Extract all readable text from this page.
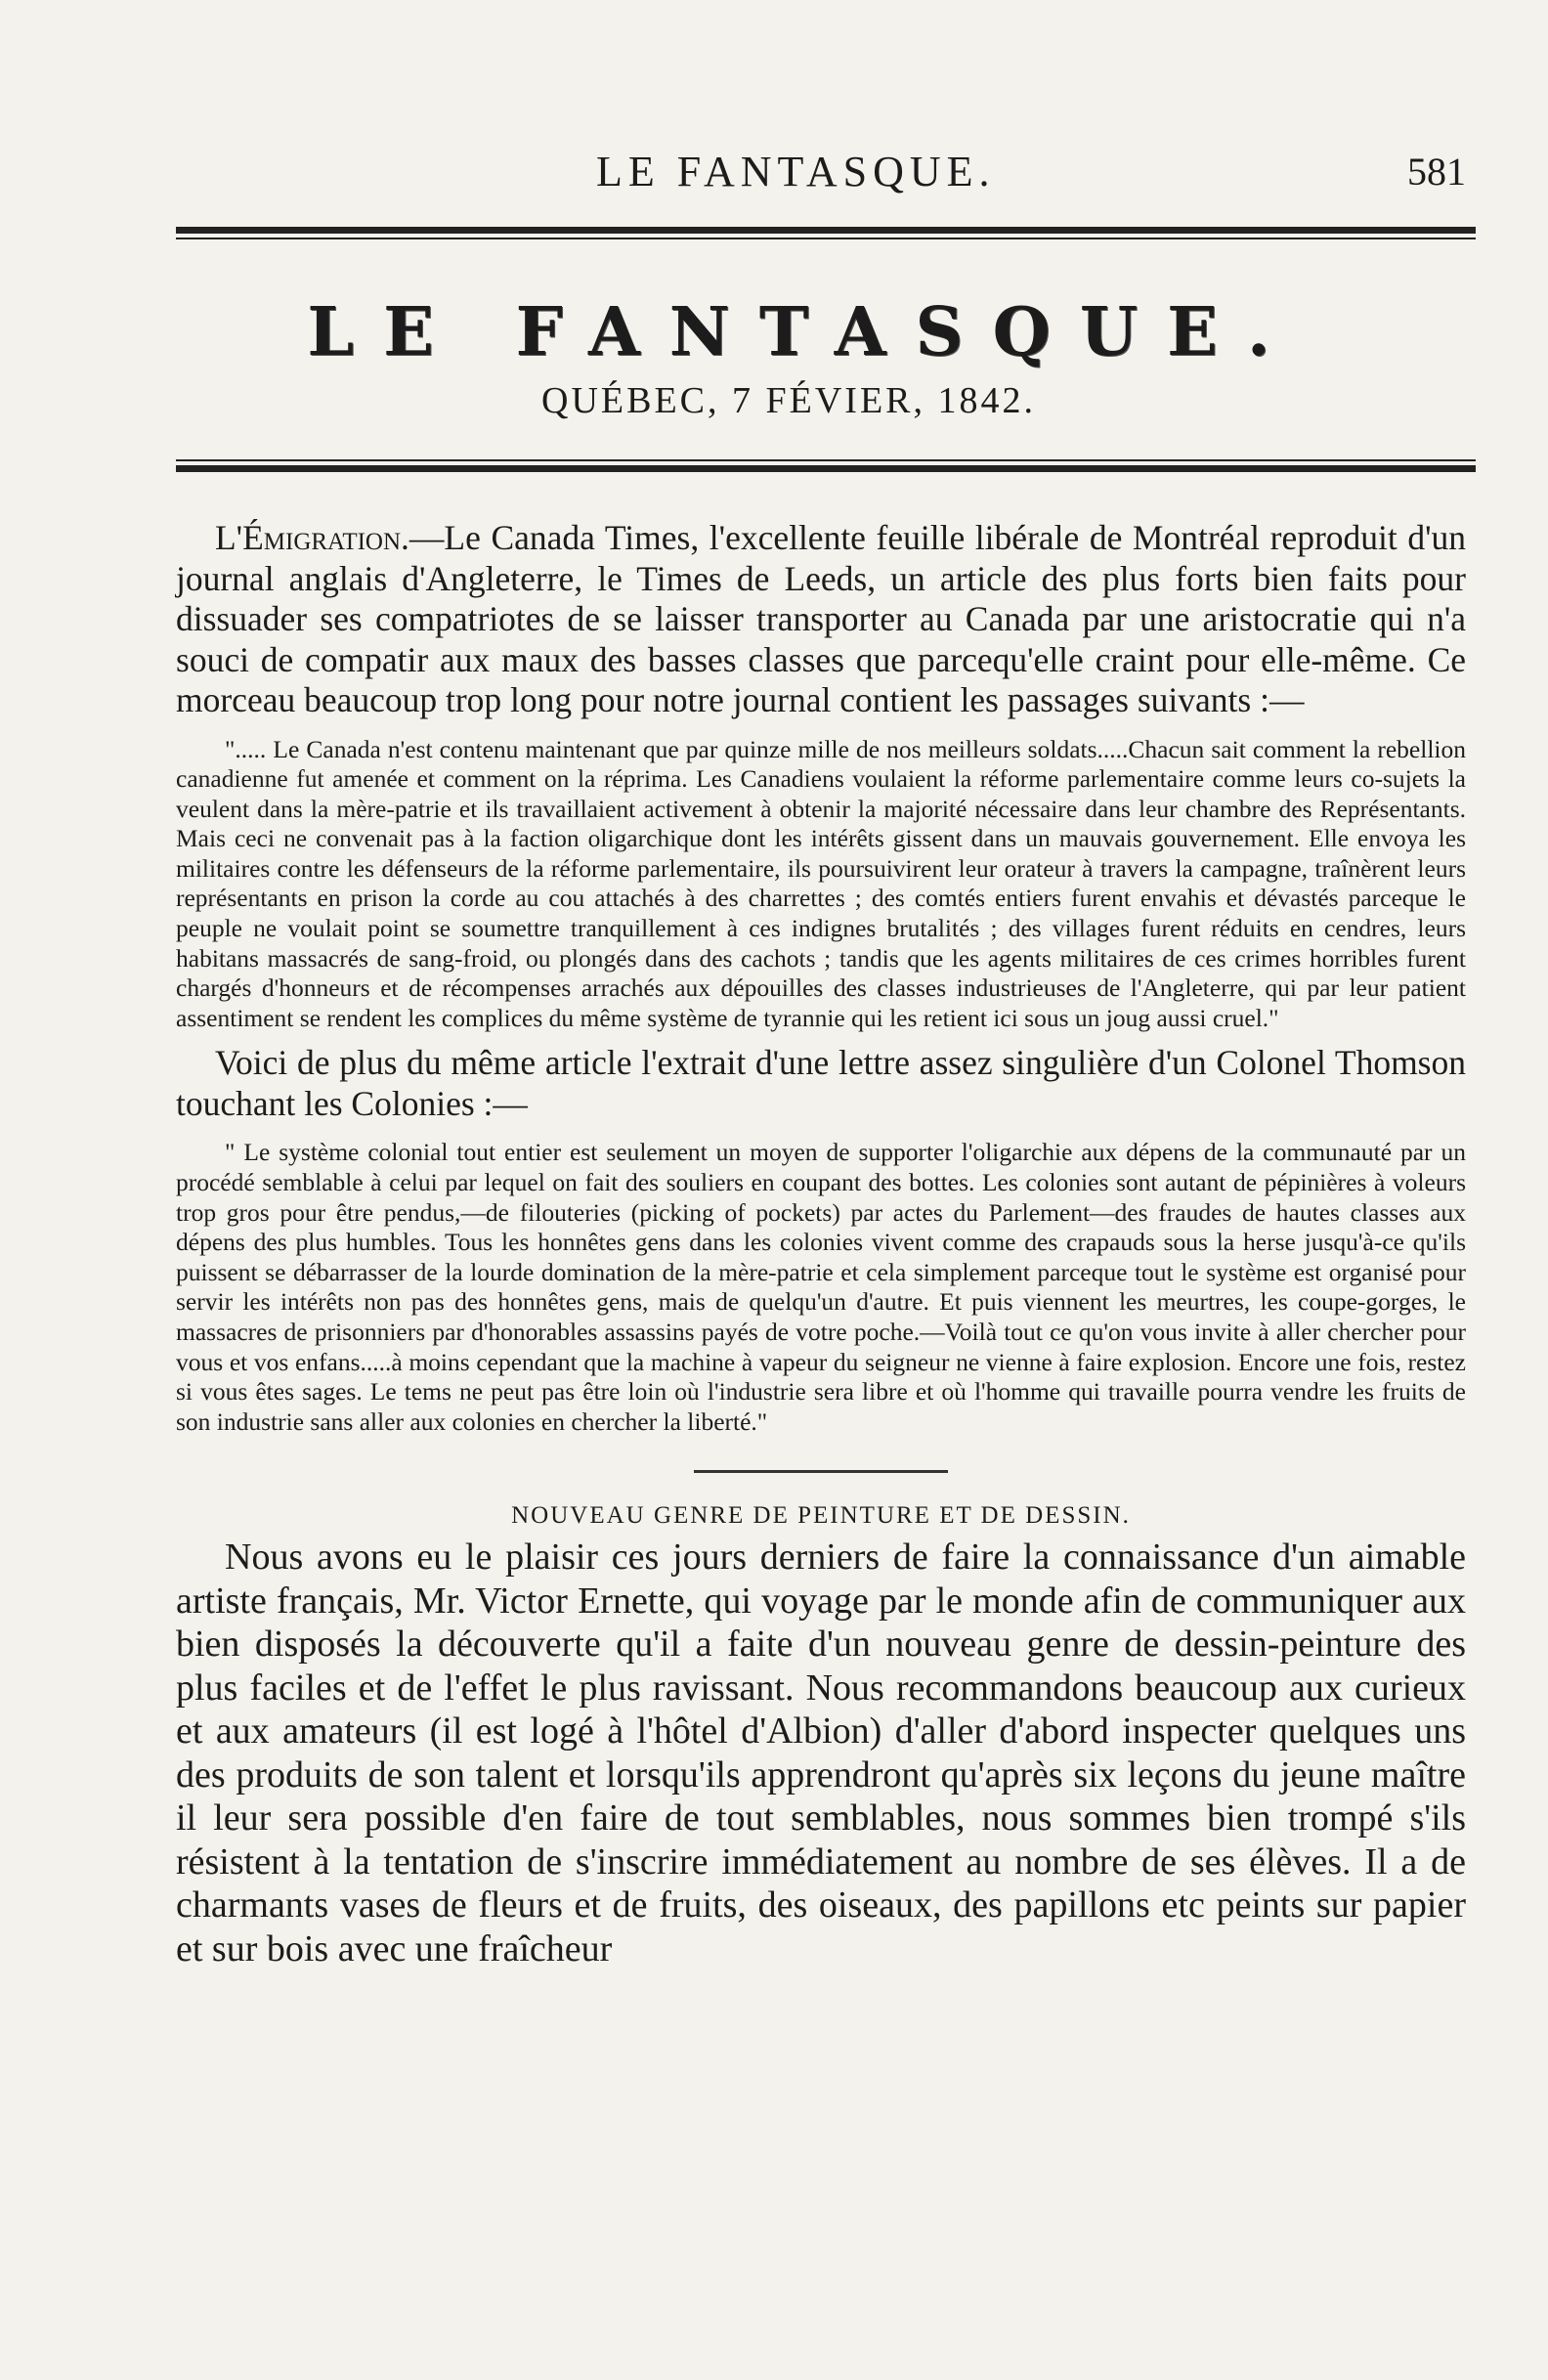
LE FANTASQUE.	581
LE FANTASQUE.
QUÉBEC, 7 FÉVIER, 1842.

L'Émigration.—Le Canada Times, l'excellente feuille libérale de Montréal reproduit d'un journal anglais d'Angleterre, le Times de Leeds, un article des plus forts bien faits pour dissuader ses compatriotes de se laisser transporter au Canada par une aristocratie qui n'a souci de compatir aux maux des basses classes que parcequ'elle craint pour elle-même. Ce morceau beaucoup trop long pour notre journal contient les passages suivants :—

"..... Le Canada n'est contenu maintenant que par quinze mille de nos meilleurs soldats.....Chacun sait comment la rebellion canadienne fut amenée et comment on la réprima. Les Canadiens voulaient la réforme parlementaire comme leurs co-sujets la veulent dans la mère-patrie et ils travaillaient activement à obtenir la majorité nécessaire dans leur chambre des Représentants. Mais ceci ne convenait pas à la faction oligarchique dont les intérêts gissent dans un mauvais gouvernement. Elle envoya les militaires contre les défenseurs de la réforme parlementaire, ils poursuivirent leur orateur à travers la campagne, traînèrent leurs représentants en prison la corde au cou attachés à des charrettes ; des comtés entiers furent envahis et dévastés parceque le peuple ne voulait point se soumettre tranquillement à ces indignes brutalités ; des villages furent réduits en cendres, leurs habitans massacrés de sang-froid, ou plongés dans des cachots ; tandis que les agents militaires de ces crimes horribles furent chargés d'honneurs et de récompenses arrachés aux dépouilles des classes industrieuses de l'Angleterre, qui par leur patient assentiment se rendent les complices du même système de tyrannie qui les retient ici sous un joug aussi cruel."

Voici de plus du même article l'extrait d'une lettre assez singulière d'un Colonel Thomson touchant les Colonies :—

" Le système colonial tout entier est seulement un moyen de supporter l'oligarchie aux dépens de la communauté par un procédé semblable à celui par lequel on fait des souliers en coupant des bottes. Les colonies sont autant de pépinières à voleurs trop gros pour être pendus,—de filouteries (picking of pockets) par actes du Parlement—des fraudes de hautes classes aux dépens des plus humbles. Tous les honnêtes gens dans les colonies vivent comme des crapauds sous la herse jusqu'à-ce qu'ils puissent se débarrasser de la lourde domination de la mère-patrie et cela simplement parceque tout le système est organisé pour servir les intérêts non pas des honnêtes gens, mais de quelqu'un d'autre. Et puis viennent les meurtres, les coupe-gorges, le massacres de prisonniers par d'honorables assassins payés de votre poche.—Voilà tout ce qu'on vous invite à aller chercher pour vous et vos enfans.....à moins cependant que la machine à vapeur du seigneur ne vienne à faire explosion. Encore une fois, restez si vous êtes sages. Le tems ne peut pas être loin où l'industrie sera libre et où l'homme qui travaille pourra vendre les fruits de son industrie sans aller aux colonies en chercher la liberté."

NOUVEAU GENRE DE PEINTURE ET DE DESSIN.

Nous avons eu le plaisir ces jours derniers de faire la connaissance d'un aimable artiste français, Mr. Victor Ernette, qui voyage par le monde afin de communiquer aux bien disposés la découverte qu'il a faite d'un nouveau genre de dessin-peinture des plus faciles et de l'effet le plus ravissant. Nous recommandons beaucoup aux curieux et aux amateurs (il est logé à l'hôtel d'Albion) d'aller d'abord inspecter quelques uns des produits de son talent et lorsqu'ils apprendront qu'après six leçons du jeune maître il leur sera possible d'en faire de tout semblables, nous sommes bien trompé s'ils résistent à la tentation de s'inscrire immédiatement au nombre de ses élèves. Il a de charmants vases de fleurs et de fruits, des oiseaux, des papillons etc peints sur papier et sur bois avec une fraîcheur
